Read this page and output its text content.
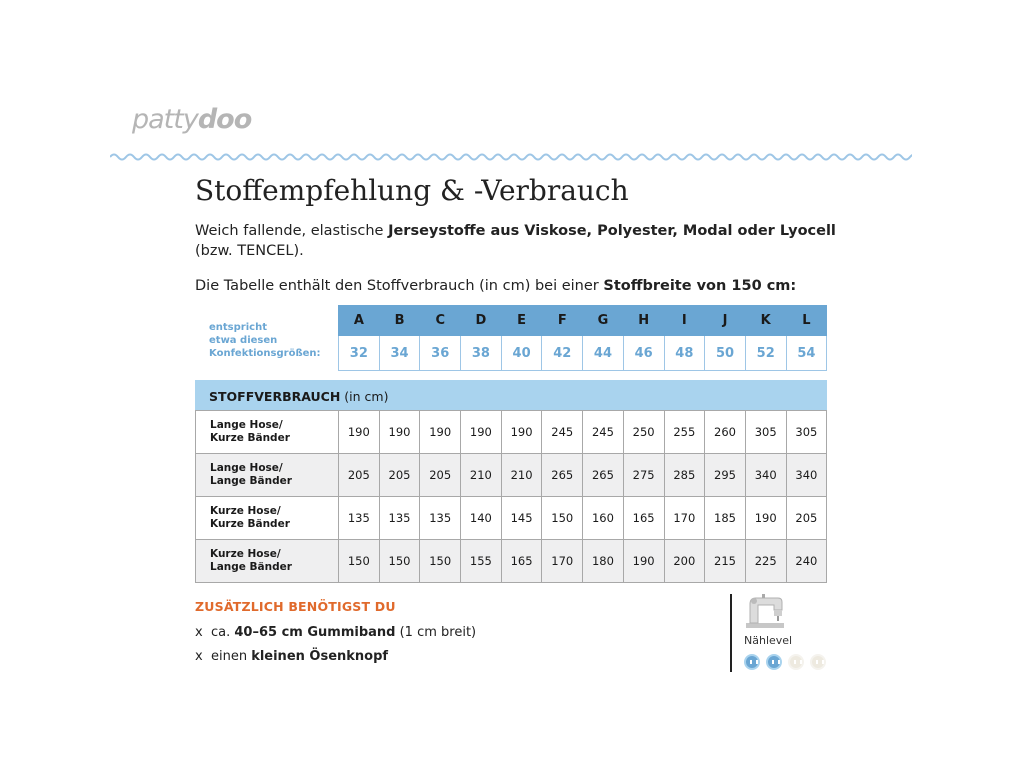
pattydoo
Stoffempfehlung & -Verbrauch
Weich fallende, elastische Jerseystoffe aus Viskose, Polyester, Modal oder Lyocell (bzw. TENCEL).
Die Tabelle enthält den Stoffverbrauch (in cm) bei einer Stoffbreite von 150 cm:
entspricht
etwa diesen
Konfektionsgrößen:
A	B	C	D	E	F	G	H	I	J	K	L
32	34	36	38	40	42	44	46	48	50	52	54
STOFFVERBRAUCH (in cm)
Lange Hose/
Kurze Bänder	190	190	190	190	190	245	245	250	255	260	305	305

Lange Hose/
Lange Bänder	205	205	205	210	210	265	265	275	285	295	340	340

Kurze Hose/
Kurze Bänder	135	135	135	140	145	150	160	165	170	185	190	205

Kurze Hose/
Lange Bänder	150	150	150	155	165	170	180	190	200	215	225	240
ZUSÄTZLICH BENÖTIGST DU
x ca. 40–65 cm Gummiband (1 cm breit)
x einen kleinen Ösenknopf
Nählevel
